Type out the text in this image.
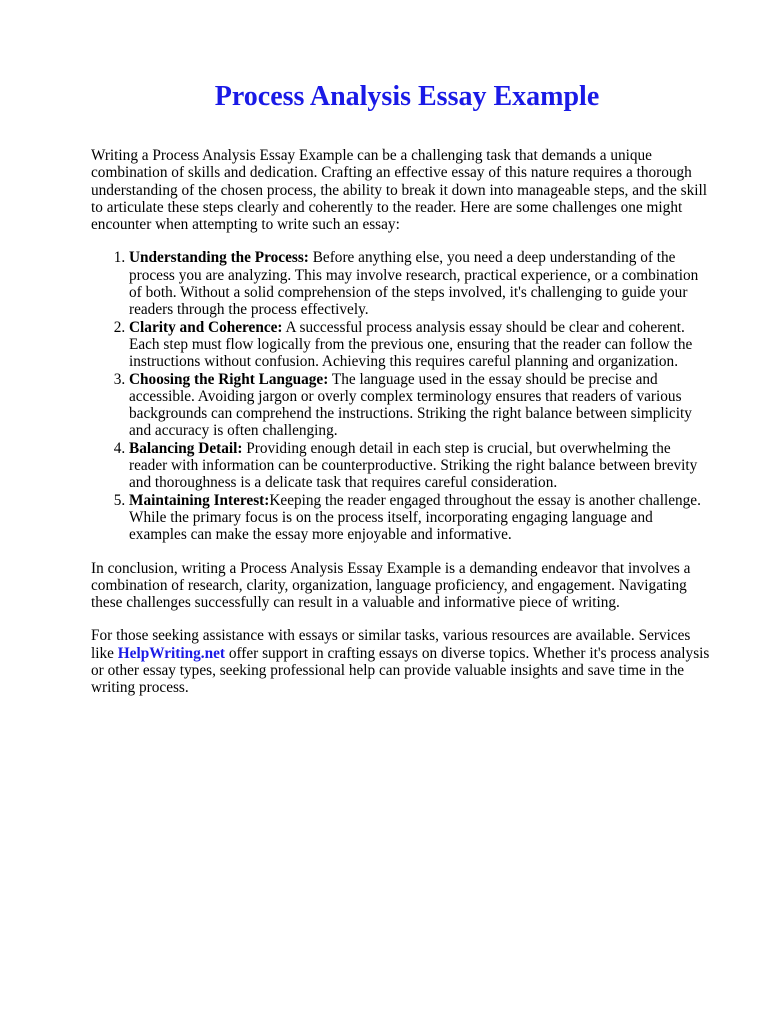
Process Analysis Essay Example

Writing a Process Analysis Essay Example can be a challenging task that demands a unique combination of skills and dedication. Crafting an effective essay of this nature requires a thorough understanding of the chosen process, the ability to break it down into manageable steps, and the skill to articulate these steps clearly and coherently to the reader. Here are some challenges one might encounter when attempting to write such an essay:

1. Understanding the Process: Before anything else, you need a deep understanding of the process you are analyzing. This may involve research, practical experience, or a combination of both. Without a solid comprehension of the steps involved, it's challenging to guide your readers through the process effectively.
2. Clarity and Coherence: A successful process analysis essay should be clear and coherent. Each step must flow logically from the previous one, ensuring that the reader can follow the instructions without confusion. Achieving this requires careful planning and organization.
3. Choosing the Right Language: The language used in the essay should be precise and accessible. Avoiding jargon or overly complex terminology ensures that readers of various backgrounds can comprehend the instructions. Striking the right balance between simplicity and accuracy is often challenging.
4. Balancing Detail: Providing enough detail in each step is crucial, but overwhelming the reader with information can be counterproductive. Striking the right balance between brevity and thoroughness is a delicate task that requires careful consideration.
5. Maintaining Interest:Keeping the reader engaged throughout the essay is another challenge. While the primary focus is on the process itself, incorporating engaging language and examples can make the essay more enjoyable and informative.

In conclusion, writing a Process Analysis Essay Example is a demanding endeavor that involves a combination of research, clarity, organization, language proficiency, and engagement. Navigating these challenges successfully can result in a valuable and informative piece of writing.

For those seeking assistance with essays or similar tasks, various resources are available. Services like HelpWriting.net offer support in crafting essays on diverse topics. Whether it's process analysis or other essay types, seeking professional help can provide valuable insights and save time in the writing process.
